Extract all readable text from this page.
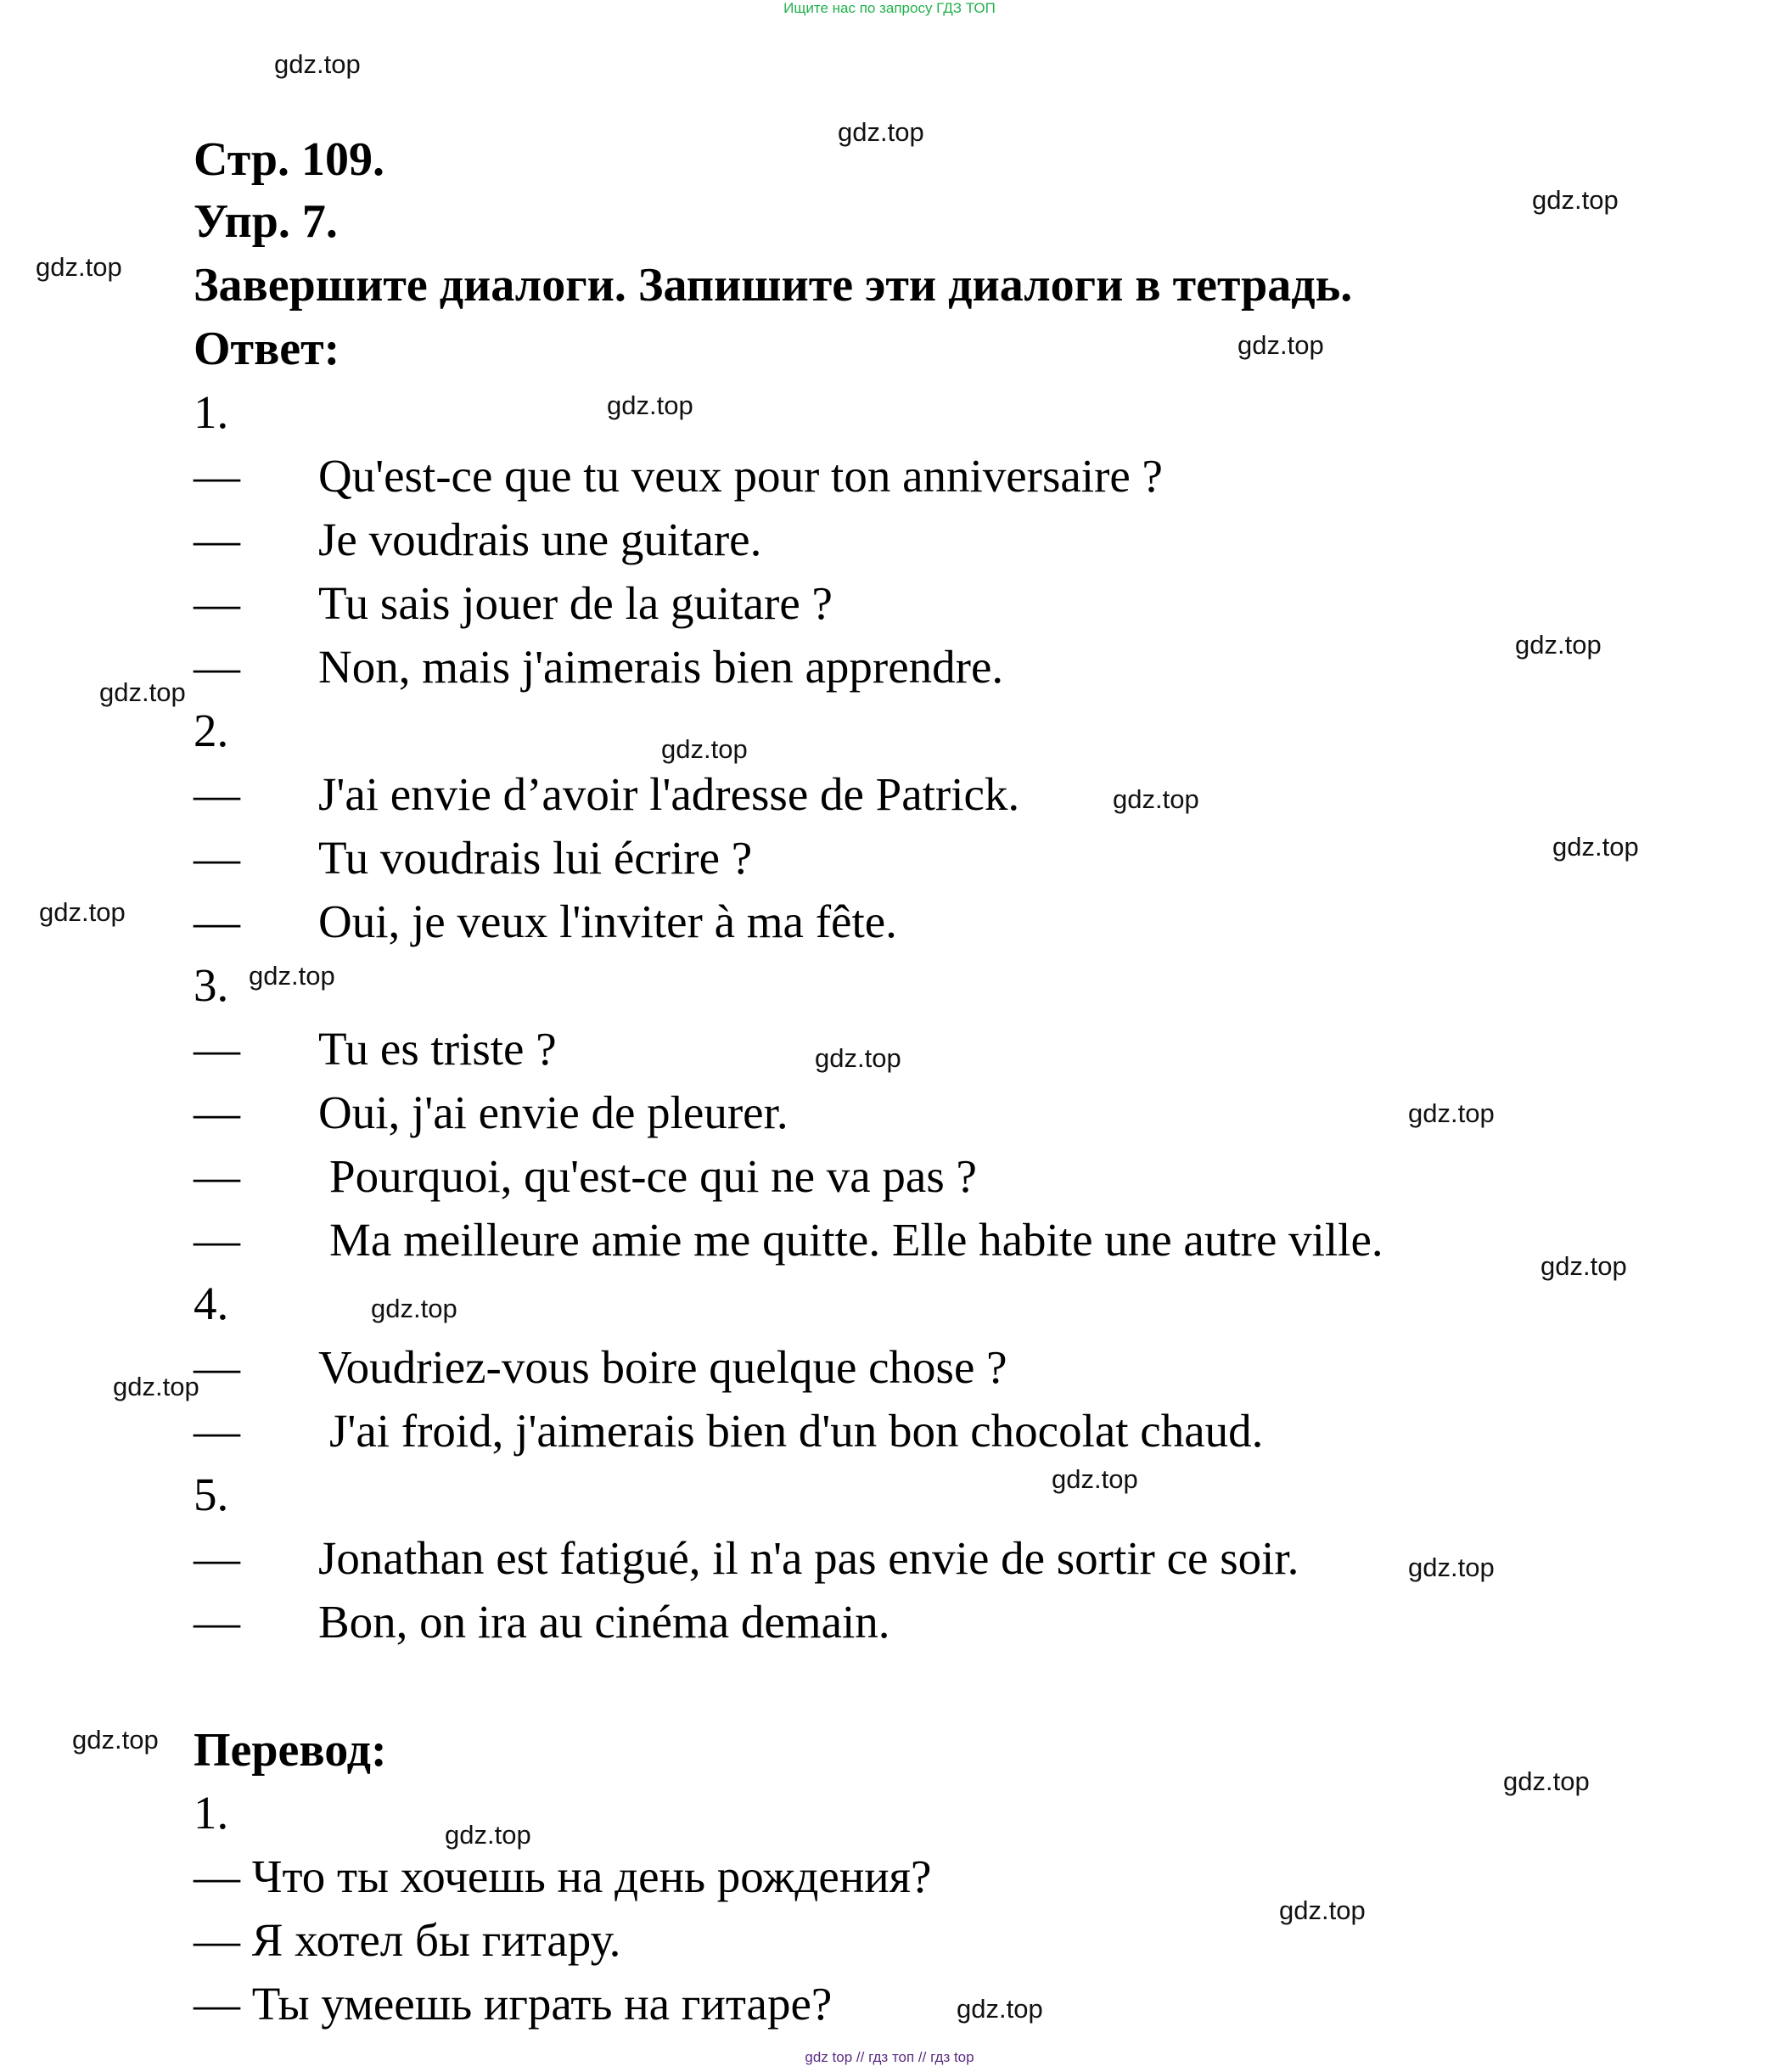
Ищите нас по запросу ГДЗ ТОП
gdz.top
gdz.top
gdz.top
gdz.top
gdz.top
gdz.top
gdz.top
gdz.top
gdz.top
gdz.top
gdz.top
gdz.top
gdz.top
gdz.top
gdz.top
gdz.top
gdz.top
gdz.top
gdz.top
gdz.top
gdz.top
gdz.top
gdz.top
gdz.top
gdz.top
Стр. 109.
Упр. 7.
Завершите диалоги. Запишите эти диалоги в тетрадь.
Ответ:
1.
— Qu'est-ce que tu veux pour ton anniversaire ?
— Je voudrais une guitare.
— Tu sais jouer de la guitare ?
— Non, mais j'aimerais bien apprendre.
2.
— J'ai envie d’avoir l'adresse de Patrick.
— Tu voudrais lui écrire ?
— Oui, je veux l'inviter à ma fête.
3.
— Tu es triste ?
— Oui, j'ai envie de pleurer.
— Pourquoi, qu'est-ce qui ne va pas ?
— Ma meilleure amie me quitte. Elle habite une autre ville.
4.
— Voudriez-vous boire quelque chose ?
— J'ai froid, j'aimerais bien d'un bon chocolat chaud.
5.
— Jonathan est fatigué, il n'a pas envie de sortir ce soir.
— Bon, on ira au cinéma demain.
Перевод:
1.
— Что ты хочешь на день рождения?
— Я хотел бы гитару.
— Ты умеешь играть на гитаре?
gdz top // гдз топ // гдз top
